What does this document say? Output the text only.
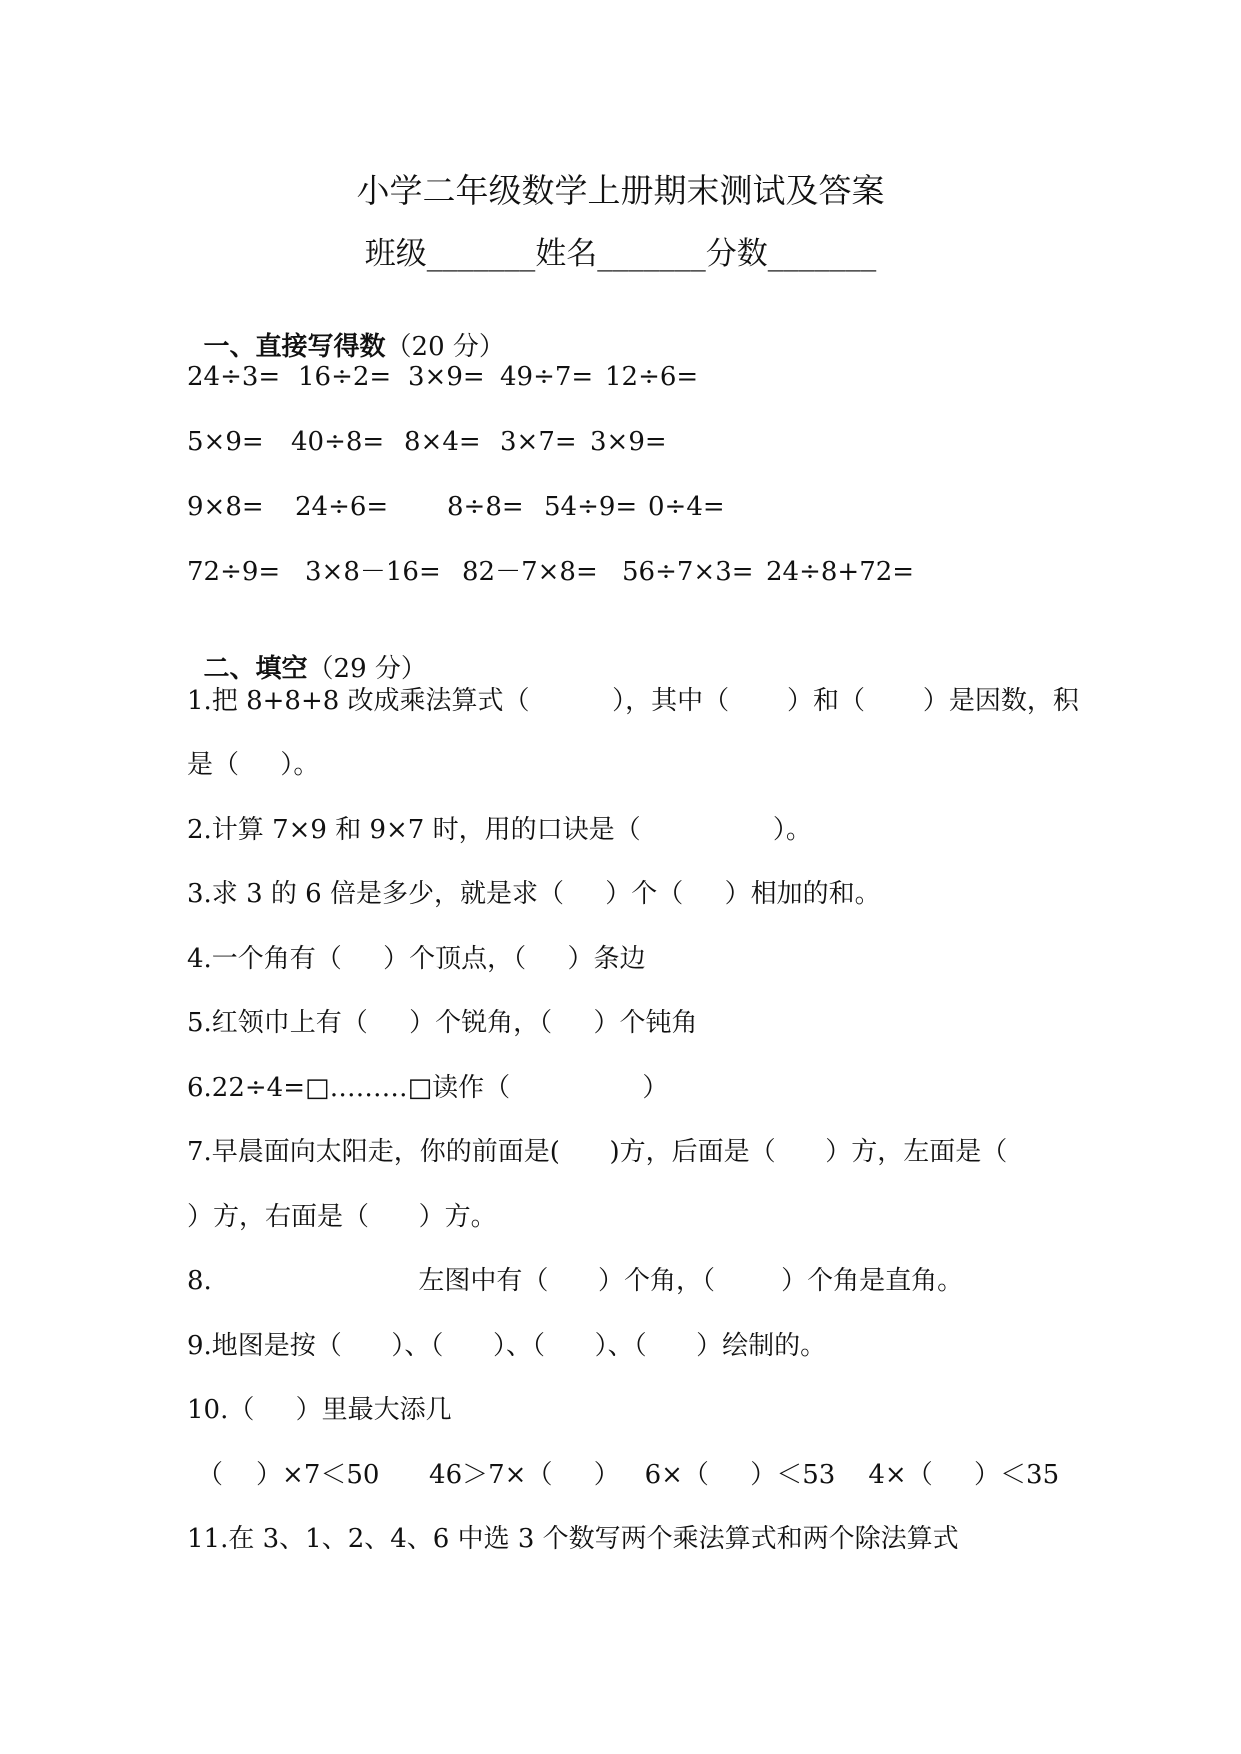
小学二年级数学上册期末测试及答案
班级_______姓名_______分数_______

一、直接写得数（20 分）

24÷3= 16÷2= 3×9= 49÷7= 12÷6=
5×9= 40÷8= 8×4= 3×7= 3×9=
9×8= 24÷6= 8÷8= 54÷9= 0÷4=
72÷9= 3×8－16= 82－7×8= 56÷7×3= 24÷8+72=

二、填空（29 分）

1.把 8+8+8 改成乘法算式（          ），其中（       ）和（       ）是因数，积
是（     ）。
2.计算 7×9 和 9×7 时，用的口诀是（                ）。
3.求 3 的 6 倍是多少，就是求（     ）个（     ）相加的和。
4.一个角有（     ）个顶点，（     ）条边
5.红领巾上有（     ）个锐角，（     ）个钝角
6.22÷4=□………□读作（                ）
7.早晨面向太阳走，你的前面是(      )方，后面是（      ）方，左面是（
）方，右面是（      ）方。
8.                         左图中有（      ）个角，（        ）个角是直角。
9.地图是按（      ）、（      ）、（      ）、（      ）绘制的。
10.（     ）里最大添几
（    ）×7＜50      46＞7×（     ）   6×（     ）＜53    4×（     ）＜35
11.在 3、1、2、4、6 中选 3 个数写两个乘法算式和两个除法算式
